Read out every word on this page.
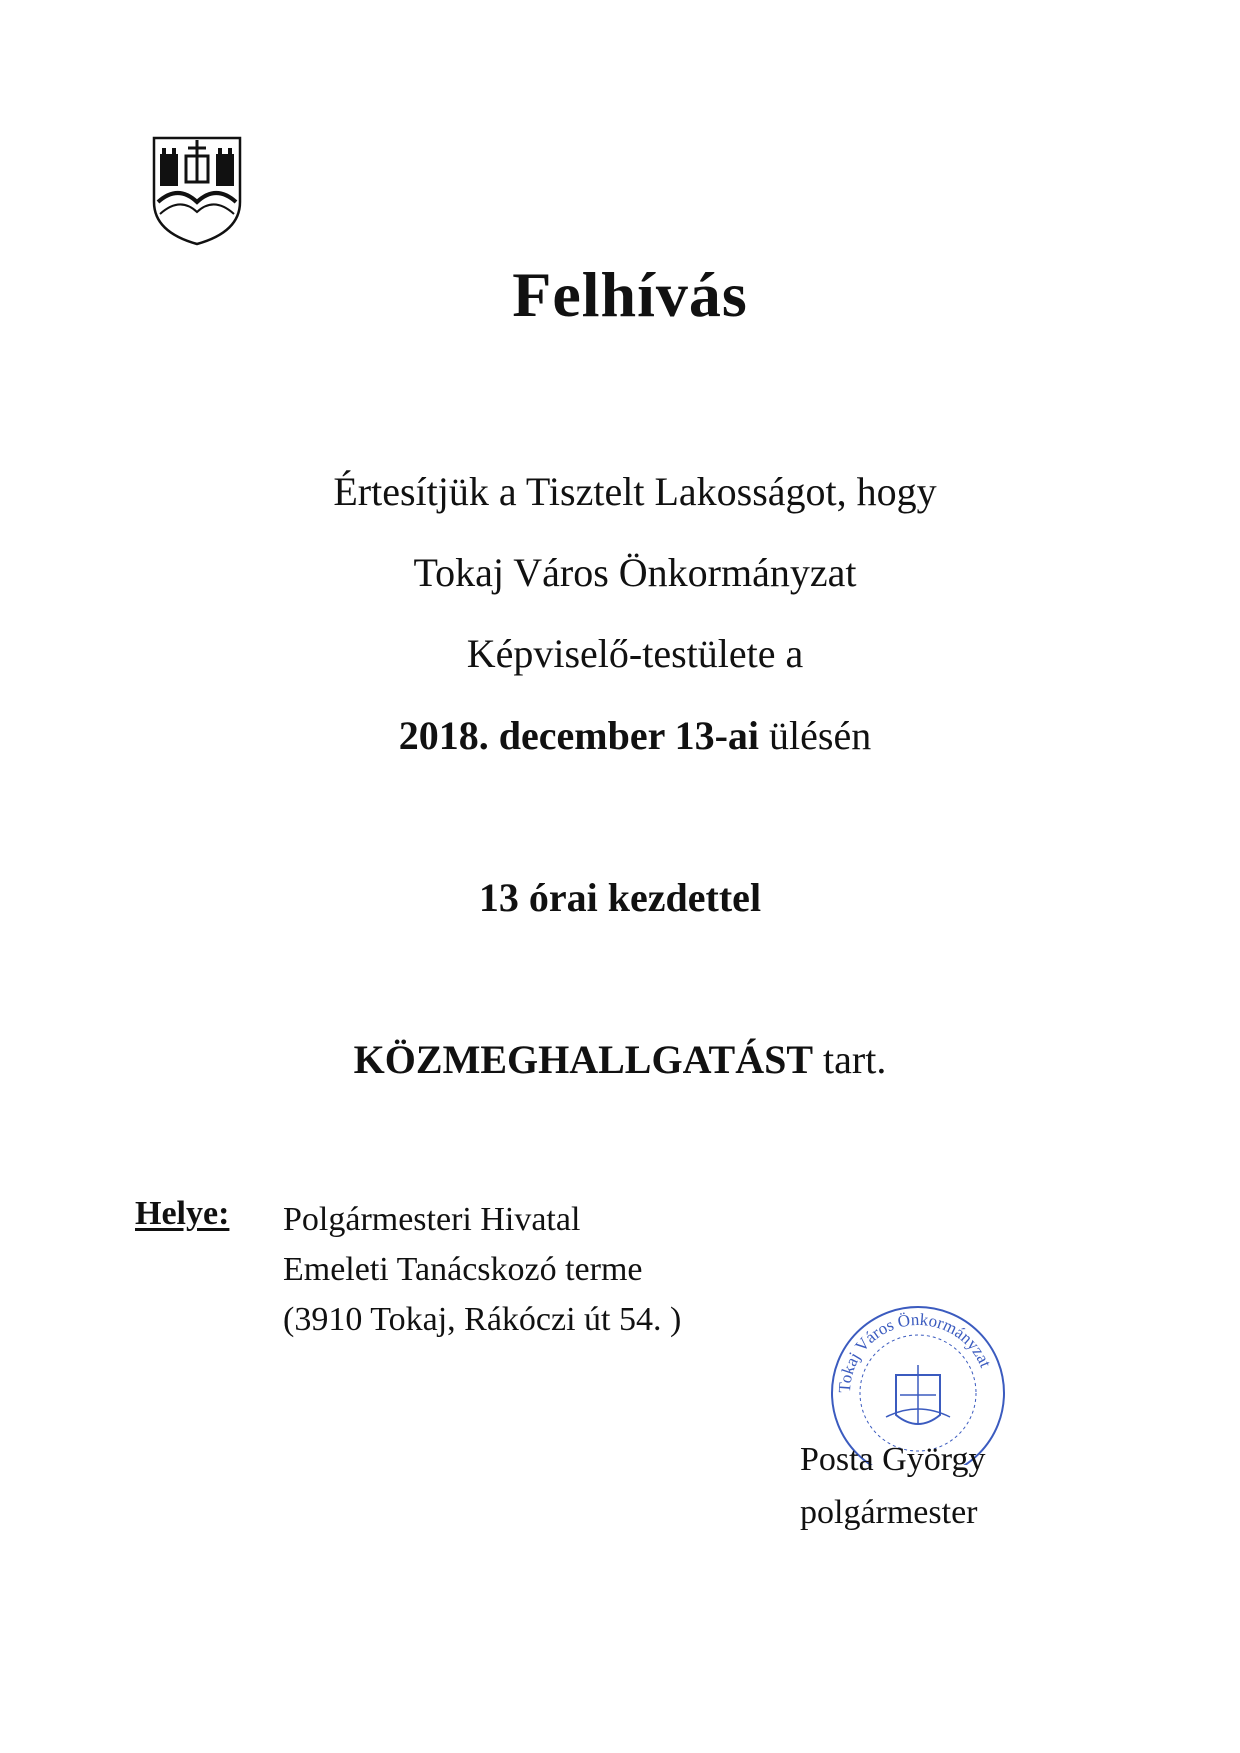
Felhívás
Értesítjük a Tisztelt Lakosságot, hogy
Tokaj Város Önkormányzat
Képviselő-testülete a
2018. december 13-ai ülésén
13 órai kezdettel
KÖZMEGHALLGATÁST tart.
Helye: Polgármesteri Hivatal
Emeleti Tanácskozó terme
(3910 Tokaj, Rákóczi út 54. )
Tokaj Város Önkormányzat
Posta György
polgármester
